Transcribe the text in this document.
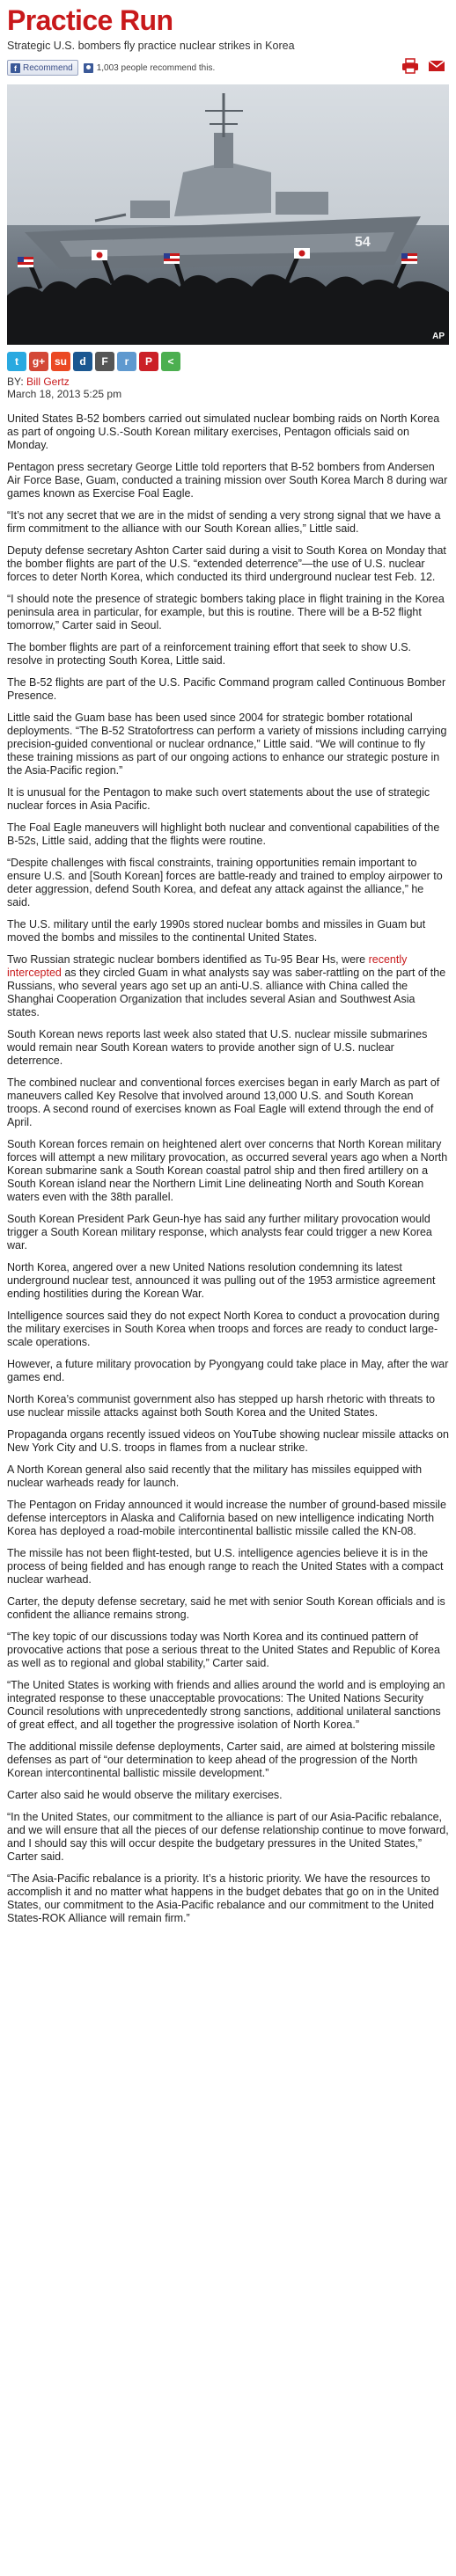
Practice Run
Strategic U.S. bombers fly practice nuclear strikes in Korea
f Recommend	1,003 people recommend this.
54
AP
t g+ su d F r P <
BY: Bill Gertz
March 18, 2013 5:25 pm

United States B-52 bombers carried out simulated nuclear bombing raids on North Korea as part of ongoing U.S.-South Korean military exercises, Pentagon officials said on Monday.

Pentagon press secretary George Little told reporters that B-52 bombers from Andersen Air Force Base, Guam, conducted a training mission over South Korea March 8 during war games known as Exercise Foal Eagle.

“It’s not any secret that we are in the midst of sending a very strong signal that we have a firm commitment to the alliance with our South Korean allies,” Little said.

Deputy defense secretary Ashton Carter said during a visit to South Korea on Monday that the bomber flights are part of the U.S. “extended deterrence”—the use of U.S. nuclear forces to deter North Korea, which conducted its third underground nuclear test Feb. 12.

“I should note the presence of strategic bombers taking place in flight training in the Korea peninsula area in particular, for example, but this is routine. There will be a B-52 flight tomorrow,” Carter said in Seoul.

The bomber flights are part of a reinforcement training effort that seek to show U.S. resolve in protecting South Korea, Little said.

The B-52 flights are part of the U.S. Pacific Command program called Continuous Bomber Presence.

Little said the Guam base has been used since 2004 for strategic bomber rotational deployments. “The B-52 Stratofortress can perform a variety of missions including carrying precision-guided conventional or nuclear ordnance,” Little said. “We will continue to fly these training missions as part of our ongoing actions to enhance our strategic posture in the Asia-Pacific region.”

It is unusual for the Pentagon to make such overt statements about the use of strategic nuclear forces in Asia Pacific.

The Foal Eagle maneuvers will highlight both nuclear and conventional capabilities of the B-52s, Little said, adding that the flights were routine.

“Despite challenges with fiscal constraints, training opportunities remain important to ensure U.S. and [South Korean] forces are battle-ready and trained to employ airpower to deter aggression, defend South Korea, and defeat any attack against the alliance,” he said.

The U.S. military until the early 1990s stored nuclear bombs and missiles in Guam but moved the bombs and missiles to the continental United States.

Two Russian strategic nuclear bombers identified as Tu-95 Bear Hs, were recently intercepted as they circled Guam in what analysts say was saber-rattling on the part of the Russians, who several years ago set up an anti-U.S. alliance with China called the Shanghai Cooperation Organization that includes several Asian and Southwest Asia states.

South Korean news reports last week also stated that U.S. nuclear missile submarines would remain near South Korean waters to provide another sign of U.S. nuclear deterrence.

The combined nuclear and conventional forces exercises began in early March as part of maneuvers called Key Resolve that involved around 13,000 U.S. and South Korean troops. A second round of exercises known as Foal Eagle will extend through the end of April.

South Korean forces remain on heightened alert over concerns that North Korean military forces will attempt a new military provocation, as occurred several years ago when a North Korean submarine sank a South Korean coastal patrol ship and then fired artillery on a South Korean island near the Northern Limit Line delineating North and South Korean waters even with the 38th parallel.

South Korean President Park Geun-hye has said any further military provocation would trigger a South Korean military response, which analysts fear could trigger a new Korea war.

North Korea, angered over a new United Nations resolution condemning its latest underground nuclear test, announced it was pulling out of the 1953 armistice agreement ending hostilities during the Korean War.

Intelligence sources said they do not expect North Korea to conduct a provocation during the military exercises in South Korea when troops and forces are ready to conduct large-scale operations.

However, a future military provocation by Pyongyang could take place in May, after the war games end.

North Korea’s communist government also has stepped up harsh rhetoric with threats to use nuclear missile attacks against both South Korea and the United States.

Propaganda organs recently issued videos on YouTube showing nuclear missile attacks on New York City and U.S. troops in flames from a nuclear strike.

A North Korean general also said recently that the military has missiles equipped with nuclear warheads ready for launch.

The Pentagon on Friday announced it would increase the number of ground-based missile defense interceptors in Alaska and California based on new intelligence indicating North Korea has deployed a road-mobile intercontinental ballistic missile called the KN-08.

The missile has not been flight-tested, but U.S. intelligence agencies believe it is in the process of being fielded and has enough range to reach the United States with a compact nuclear warhead.

Carter, the deputy defense secretary, said he met with senior South Korean officials and is confident the alliance remains strong.

“The key topic of our discussions today was North Korea and its continued pattern of provocative actions that pose a serious threat to the United States and Republic of Korea as well as to regional and global stability,” Carter said.

“The United States is working with friends and allies around the world and is employing an integrated response to these unacceptable provocations: The United Nations Security Council resolutions with unprecedentedly strong sanctions, additional unilateral sanctions of great effect, and all together the progressive isolation of North Korea.”

The additional missile defense deployments, Carter said, are aimed at bolstering missile defenses as part of “our determination to keep ahead of the progression of the North Korean intercontinental ballistic missile development.”

Carter also said he would observe the military exercises.

“In the United States, our commitment to the alliance is part of our Asia-Pacific rebalance, and we will ensure that all the pieces of our defense relationship continue to move forward, and I should say this will occur despite the budgetary pressures in the United States,” Carter said.

“The Asia-Pacific rebalance is a priority. It’s a historic priority. We have the resources to accomplish it and no matter what happens in the budget debates that go on in the United States, our commitment to the Asia-Pacific rebalance and our commitment to the United States-ROK Alliance will remain firm.”
